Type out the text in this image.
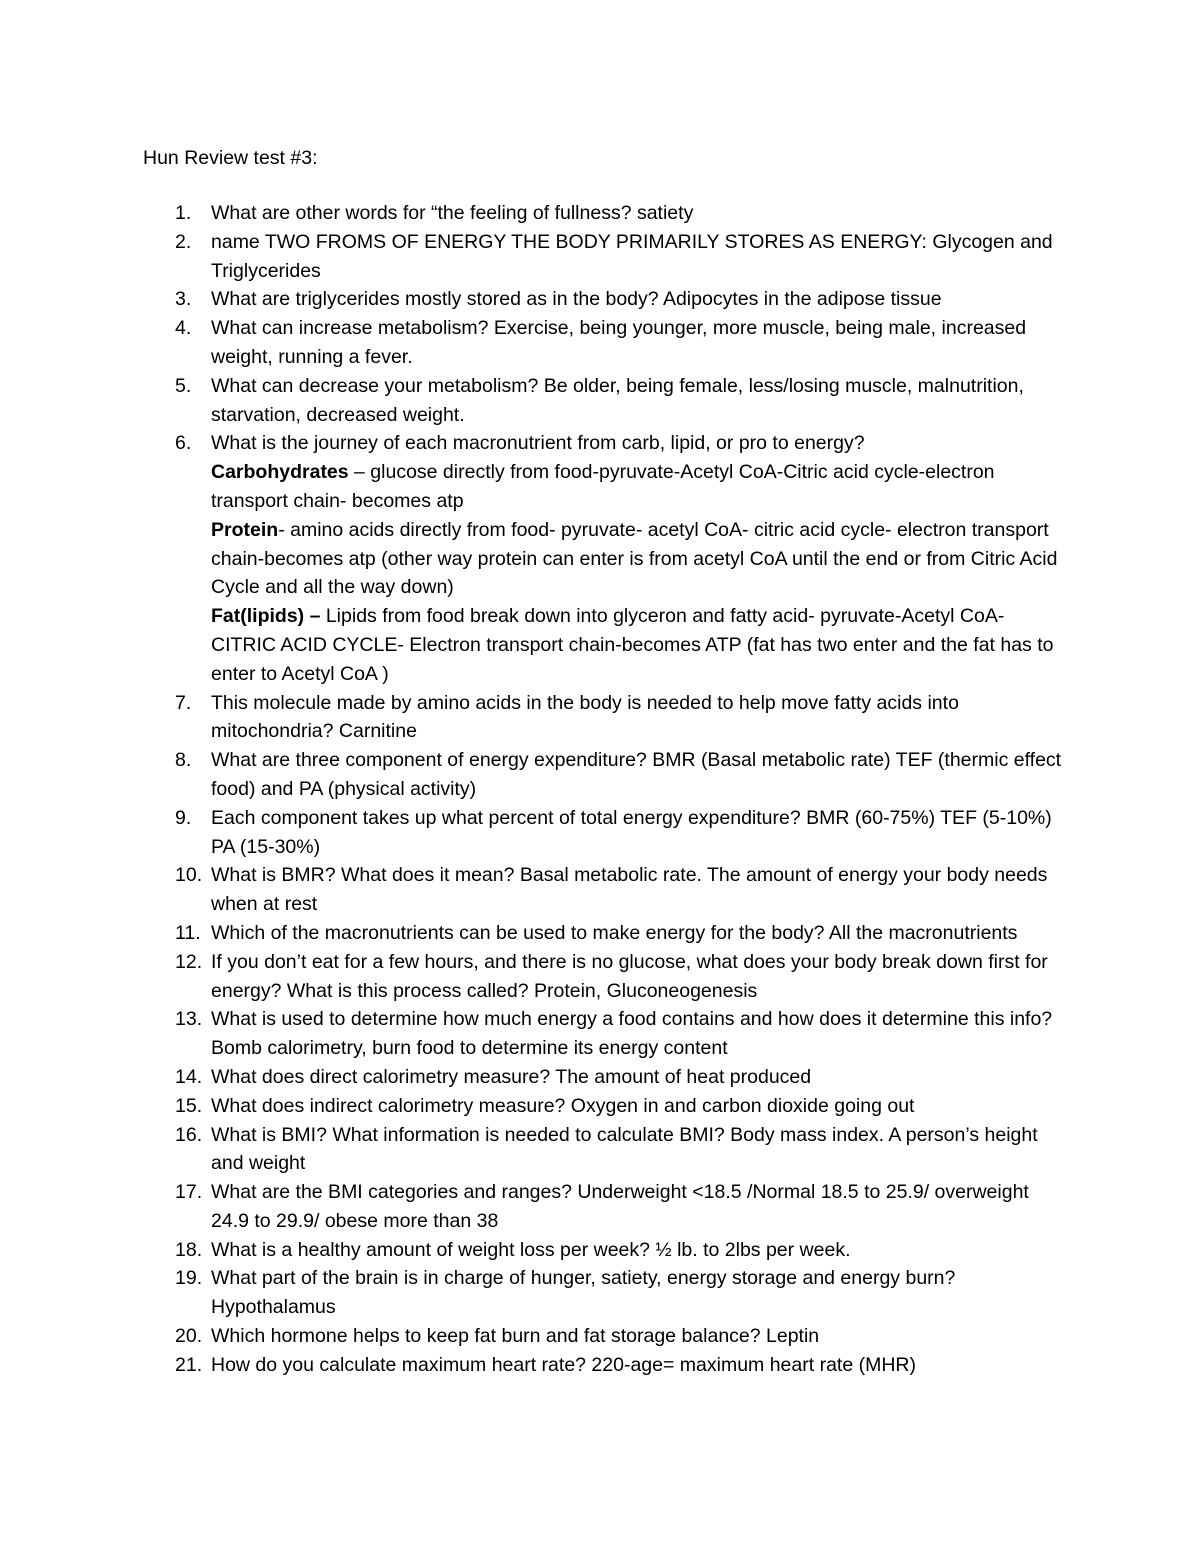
Hun Review test #3:
1.	What are other words for “the feeling of fullness? satiety
2.	name TWO FROMS OF ENERGY THE BODY PRIMARILY STORES AS ENERGY: Glycogen and Triglycerides
3.	What are triglycerides mostly stored as in the body? Adipocytes in the adipose tissue
4.	What can increase metabolism? Exercise, being younger, more muscle, being male, increased weight, running a fever.
5.	What can decrease your metabolism? Be older, being female, less/losing muscle, malnutrition, starvation, decreased weight.
6.	What is the journey of each macronutrient from carb, lipid, or pro to energy?
Carbohydrates – glucose directly from food-pyruvate-Acetyl CoA-Citric acid cycle-electron transport chain- becomes atp
Protein- amino acids directly from food- pyruvate- acetyl CoA- citric acid cycle- electron transport chain-becomes atp (other way protein can enter is from acetyl CoA until the end or from Citric Acid Cycle and all the way down)
Fat(lipids) – Lipids from food break down into glyceron and fatty acid- pyruvate-Acetyl CoA- CITRIC ACID CYCLE- Electron transport chain-becomes ATP (fat has two enter and the fat has to enter to Acetyl CoA )
7.	This molecule made by amino acids in the body is needed to help move fatty acids into mitochondria? Carnitine
8.	What are three component of energy expenditure? BMR (Basal metabolic rate) TEF (thermic effect food) and PA (physical activity)
9.	Each component takes up what percent of total energy expenditure? BMR (60-75%) TEF (5-10%) PA (15-30%)
10. What is BMR? What does it mean? Basal metabolic rate. The amount of energy your body needs when at rest
11. Which of the macronutrients can be used to make energy for the body? All the macronutrients
12. If you don’t eat for a few hours, and there is no glucose, what does your body break down first for energy? What is this process called? Protein, Gluconeogenesis
13. What is used to determine how much energy a food contains and how does it determine this info? Bomb calorimetry, burn food to determine its energy content
14. What does direct calorimetry measure? The amount of heat produced
15. What does indirect calorimetry measure? Oxygen in and carbon dioxide going out
16. What is BMI? What information is needed to calculate BMI? Body mass index. A person’s height and weight
17. What are the BMI categories and ranges? Underweight <18.5 /Normal 18.5 to 25.9/ overweight 24.9 to 29.9/ obese more than 38
18. What is a healthy amount of weight loss per week? ½ lb. to 2lbs per week.
19. What part of the brain is in charge of hunger, satiety, energy storage and energy burn? Hypothalamus
20. Which hormone helps to keep fat burn and fat storage balance? Leptin
21. How do you calculate maximum heart rate? 220-age= maximum heart rate (MHR)
